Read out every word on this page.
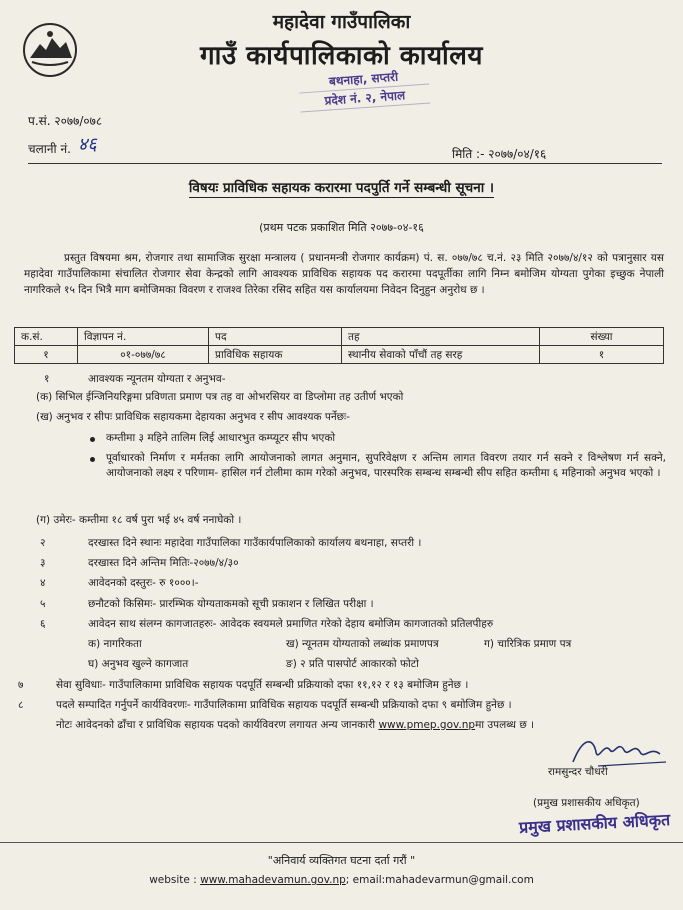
महादेवा गाउँपालिका
गाउँ कार्यपालिकाको कार्यालय
बथनाहा, सप्तरी
प्रदेश नं. २, नेपाल
प.सं. २०७७/०७८
चलानी नं. ४६	मिति :- २०७७/०४/१६
विषयः प्राविधिक सहायक करारमा पदपुर्ति गर्ने सम्बन्धी सूचना ।
(प्रथम पटक प्रकाशित मिति २०७७-०४-१६
प्रस्तुत विषयमा श्रम, रोजगार तथा सामाजिक सुरक्षा मन्त्रालय ( प्रधानमन्त्री रोजगार कार्यक्रम) पं. स. ०७७/७८ च.नं. २३ मिति २०७७/४/१२ को पत्रानुसार यस महादेवा गाउँपालिकामा संचालित रोजगार सेवा केन्द्रको लागि आवश्यक प्राविधिक सहायक पद करारमा पदपूर्तीका लागि निम्न बमोजिम योग्यता पुगेका इच्छुक नेपाली नागरिकले १५ दिन भित्रै माग बमोजिमका विवरण र राजश्व तिरेका रसिद सहित यस कार्यालयमा निवेदन दिनुहुन अनुरोध छ ।
क.सं.	विज्ञापन नं.	पद	तह	संख्या
१	०१-०७७/७८	प्राविधिक सहायक	स्थानीय सेवाको पाँचौं तह सरह	१
१	आवश्यक न्यूनतम योग्यता र अनुभव-
(क) सिभिल ईन्जिनियरिङ्गमा प्रविणता प्रमाण पत्र तह वा ओभरसियर वा डिप्लोमा तह उतीर्ण भएको
(ख) अनुभव र सीपः प्राविधिक सहायकमा देहायका अनुभव र सीप आवश्यक पर्नेछः-
कम्तीमा ३ महिने तालिम लिई आधारभुत कम्प्यूटर सीप भएको
पूर्वाधारको निर्माण र मर्मतका लागि आयोजनाको लागत अनुमान, सुपरिवेक्षण र अन्तिम लागत विवरण तयार गर्न सक्ने र विश्लेषण गर्न सक्ने, आयोजनाको लक्ष्य र परिणाम- हासिल गर्न टोलीमा काम गरेको अनुभव, पारस्परिक सम्बन्ध सम्बन्धी सीप सहित कम्तीमा ६ महिनाको अनुभव भएको ।
(ग) उमेरः- कम्तीमा १८ वर्ष पुरा भई ४५ वर्ष ननाघेको ।
२	दरखास्त दिने स्थानः महादेवा गाउँपालिका गाउँकार्यपालिकाको कार्यालय बथनाहा, सप्तरी ।
३	दरखास्त दिने अन्तिम मितिः-२०७७/४/३०
४	आवेदनको दस्तुरः- रु १०००।-
५	छनौटको किसिमः- प्रारम्भिक योग्यताकमको सूची प्रकाशन र लिखित परीक्षा ।
६	आवेदन साथ संलग्न कागजातहरुः- आवेदक स्वयमले प्रमाणित गरेको देहाय बमोजिम कागजातको प्रतिलपीहरु
क) नागरिकता	ख) न्यूनतम योग्यताको लब्धांक प्रमाणपत्र	ग) चारित्रिक प्रमाण पत्र
घ) अनुभव खुल्ने कागजात	ङ) २ प्रति पासपोर्ट आकारको फोटो
७	सेवा सुविधाः- गाउँपालिकामा प्राविधिक सहायक पदपूर्ति सम्बन्धी प्रक्रियाको दफा ११,१२ र १३ बमोजिम हुनेछ ।
८	पदले सम्पादित गर्नुपर्ने कार्यविवरणः- गाउँपालिकामा प्राविधिक सहायक पदपूर्ति सम्बन्धी प्रक्रियाको दफा ९ बमोजिम हुनेछ ।
नोटः आवेदनको ढाँचा र प्राविधिक सहायक पदको कार्यविवरण लगायत अन्य जानकारी www.pmep.gov.npमा उपलब्ध छ ।
रामसुन्दर चौधरी
(प्रमुख प्रशासकीय अधिकृत)
प्रमुख प्रशासकीय अधिकृत
"अनिवार्य व्यक्तिगत घटना दर्ता गरौं "
website : www.mahadevamun.gov.np; email:mahadevarmun@gmail.com
